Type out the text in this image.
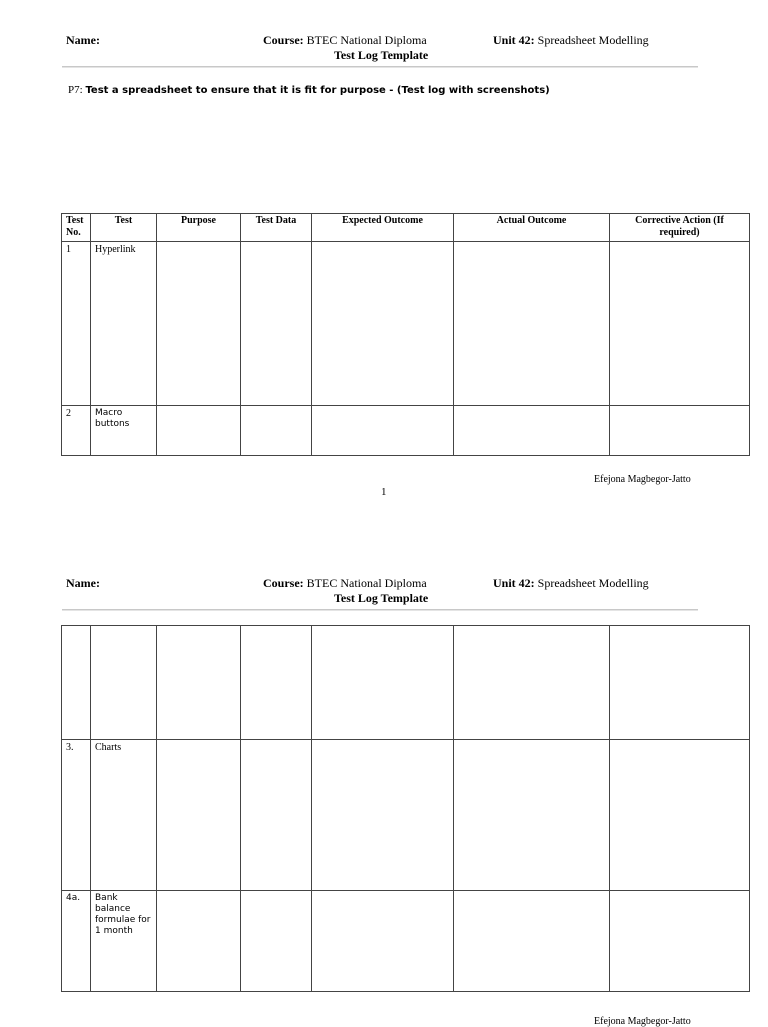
Name:	Course: BTEC National Diploma	Unit 42: Spreadsheet Modelling
Test Log Template
P7: Test a spreadsheet to ensure that it is fit for purpose - (Test log with screenshots)
Test No.	Test	Purpose	Test Data	Expected Outcome	Actual Outcome	Corrective Action (If required)
1	Hyperlink					
2	Macro buttons					
Efejona Magbegor-Jatto
1
Name:	Course: BTEC National Diploma	Unit 42: Spreadsheet Modelling
Test Log Template

3.	Charts					
4a.	Bank balance formulae for 1 month					
Efejona Magbegor-Jatto
